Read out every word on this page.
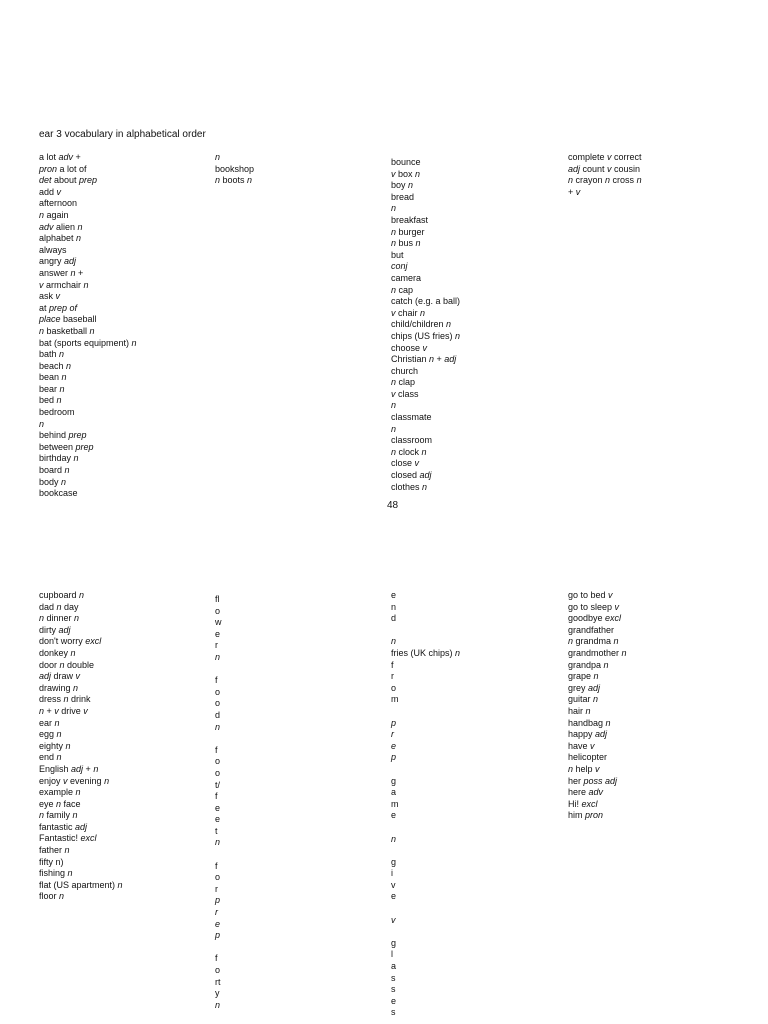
ear 3 vocabulary in alphabetical order
a lot adv +
pron a lot of
det about prep
add v
afternoon
n again
adv alien n
alphabet n
always
angry adj
answer n +
v armchair n
ask v
at prep of
place baseball
n basketball n
bat (sports equipment) n
bath n
beach n
bean n
bear n
bed n
bedroom
n
behind prep
between prep
birthday n
board n
body n
bookcase
n
bookshop
n boots n
bounce
v box n
boy n
bread
n
breakfast
n burger
n bus n
but
conj
camera
n cap
catch (e.g. a ball)
v chair n
child/children n
chips (US fries) n
choose v
Christian n + adj
church
n clap
v class
n
classmate
n
classroom
n clock n
close v
closed adj
clothes n
complete v correct
adj count v cousin
n crayon n cross n
+ v
48
cupboard n
dad n day
n dinner n
dirty adj
don't worry excl
donkey n
door n double
adj draw v
drawing n
dress n drink
n + v drive v
ear n
egg n
eighty n
end n
English adj + n
enjoy v evening n
example n
eye n face
n family n
fantastic adj
Fantastic! excl
father n
fifty n)
fishing n
flat (US apartment) n
floor n
fl
o
w
e
r
n
f
o
o
d
n
f
o
o
t/
f
e
e
t
n
f
o
r
p
r
e
p
f
o
rt
y
n
e
n
d
n
fries (UK chips) n
f
r
o
m
p
r
e
p
g
a
m
e
n
g
i
v
e
v
g
l
a
s
s
e
s
go to bed v
go to sleep v
goodbye excl
grandfather
n grandma n
grandmother n
grandpa n
grape n
grey adj
guitar n
hair n
handbag n
happy adj
have v
helicopter
n help v
her poss adj
here adv
Hi! excl
him pron
